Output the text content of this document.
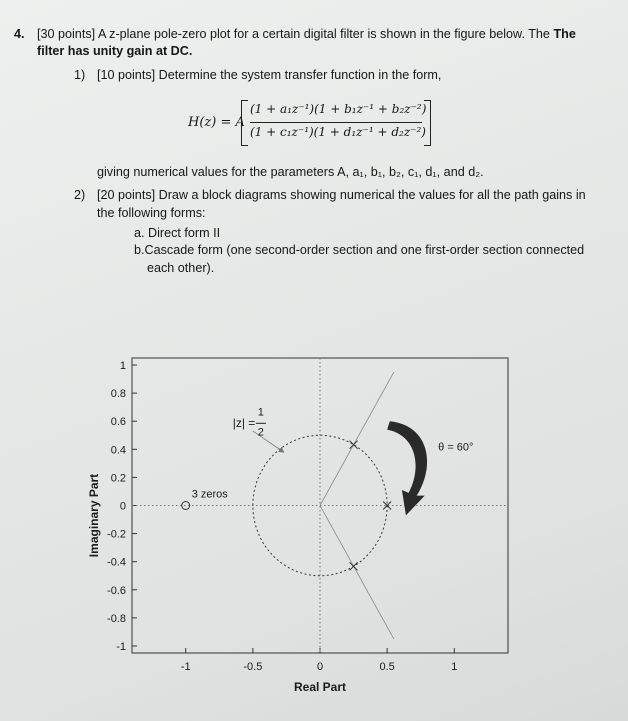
4. [30 points] A z-plane pole-zero plot for a certain digital filter is shown in the figure below. The The
filter has unity gain at DC.
1) [10 points] Determine the system transfer function in the form,
H(z) = A
(1 + a₁z⁻¹)(1 + b₁z⁻¹ + b₂z⁻²)
(1 + c₁z⁻¹)(1 + d₁z⁻¹ + d₂z⁻²)
giving numerical values for the parameters A, a₁, b₁, b₂, c₁, d₁, and d₂.
2) [20 points] Draw a block diagrams showing numerical the values for all the path gains in
the following forms:
a. Direct form II
b.Cascade form (one second-order section and one first-order section connected
each other).
1
0.8
0.6
0.4
0.2
0
-0.2
-0.4
-0.6
-0.8
-1
-1	-0.5	0	0.5	1
Real Part
Imaginary Part	3 zeros
|z| =
1
2
θ = 60°
